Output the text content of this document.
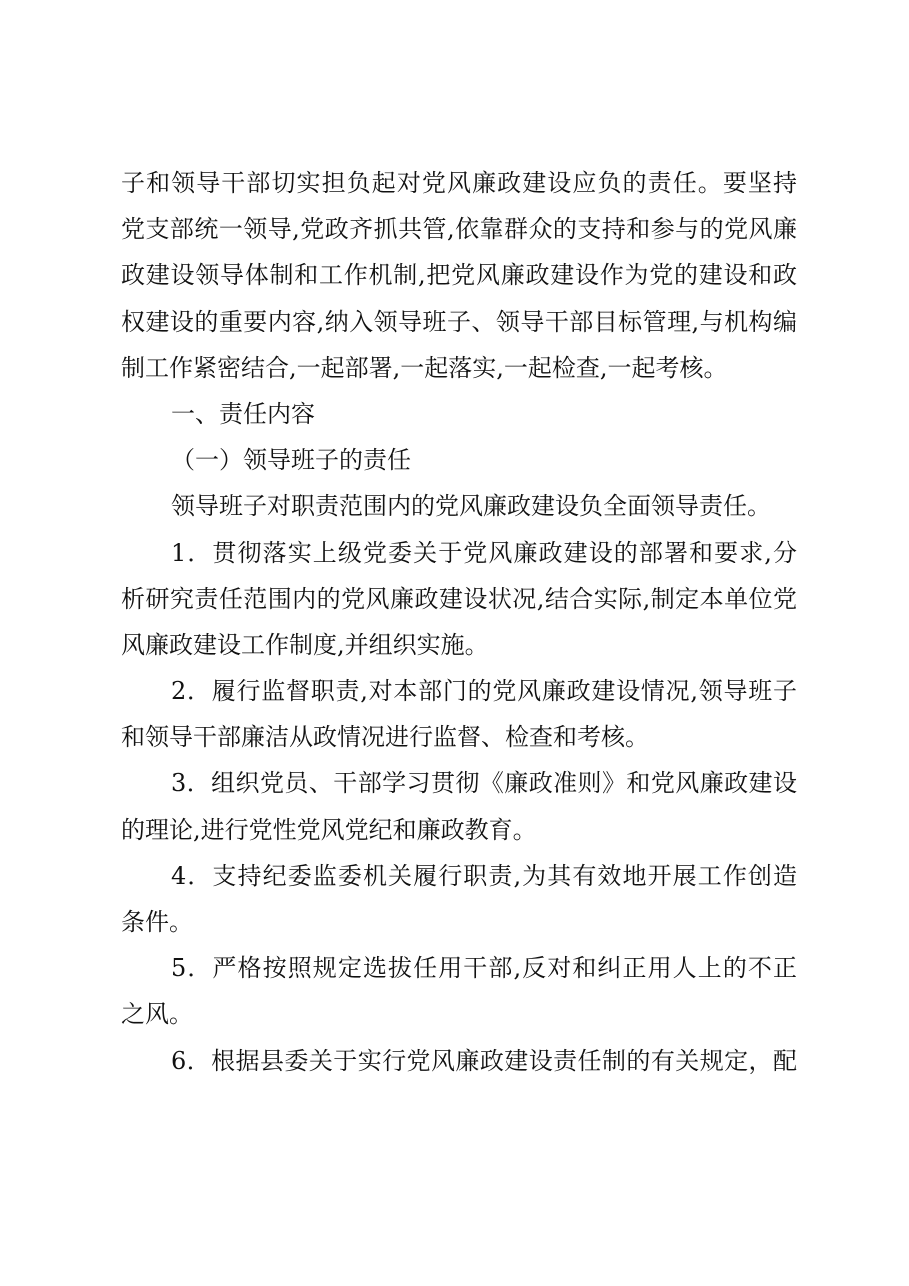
子和领导干部切实担负起对党风廉政建设应负的责任。要坚持
党支部统一领导,党政齐抓共管,依靠群众的支持和参与的党风廉
政建设领导体制和工作机制,把党风廉政建设作为党的建设和政
权建设的重要内容,纳入领导班子、领导干部目标管理,与机构编
制工作紧密结合,一起部署,一起落实,一起检查,一起考核。
一、责任内容
（一）领导班子的责任
领导班子对职责范围内的党风廉政建设负全面领导责任。
1．贯彻落实上级党委关于党风廉政建设的部署和要求,分
析研究责任范围内的党风廉政建设状况,结合实际,制定本单位党
风廉政建设工作制度,并组织实施。
2．履行监督职责,对本部门的党风廉政建设情况,领导班子
和领导干部廉洁从政情况进行监督、检查和考核。
3．组织党员、干部学习贯彻《廉政准则》和党风廉政建设
的理论,进行党性党风党纪和廉政教育。
4．支持纪委监委机关履行职责,为其有效地开展工作创造
条件。
5．严格按照规定选拔任用干部,反对和纠正用人上的不正
之风。
6．根据县委关于实行党风廉政建设责任制的有关规定，配
